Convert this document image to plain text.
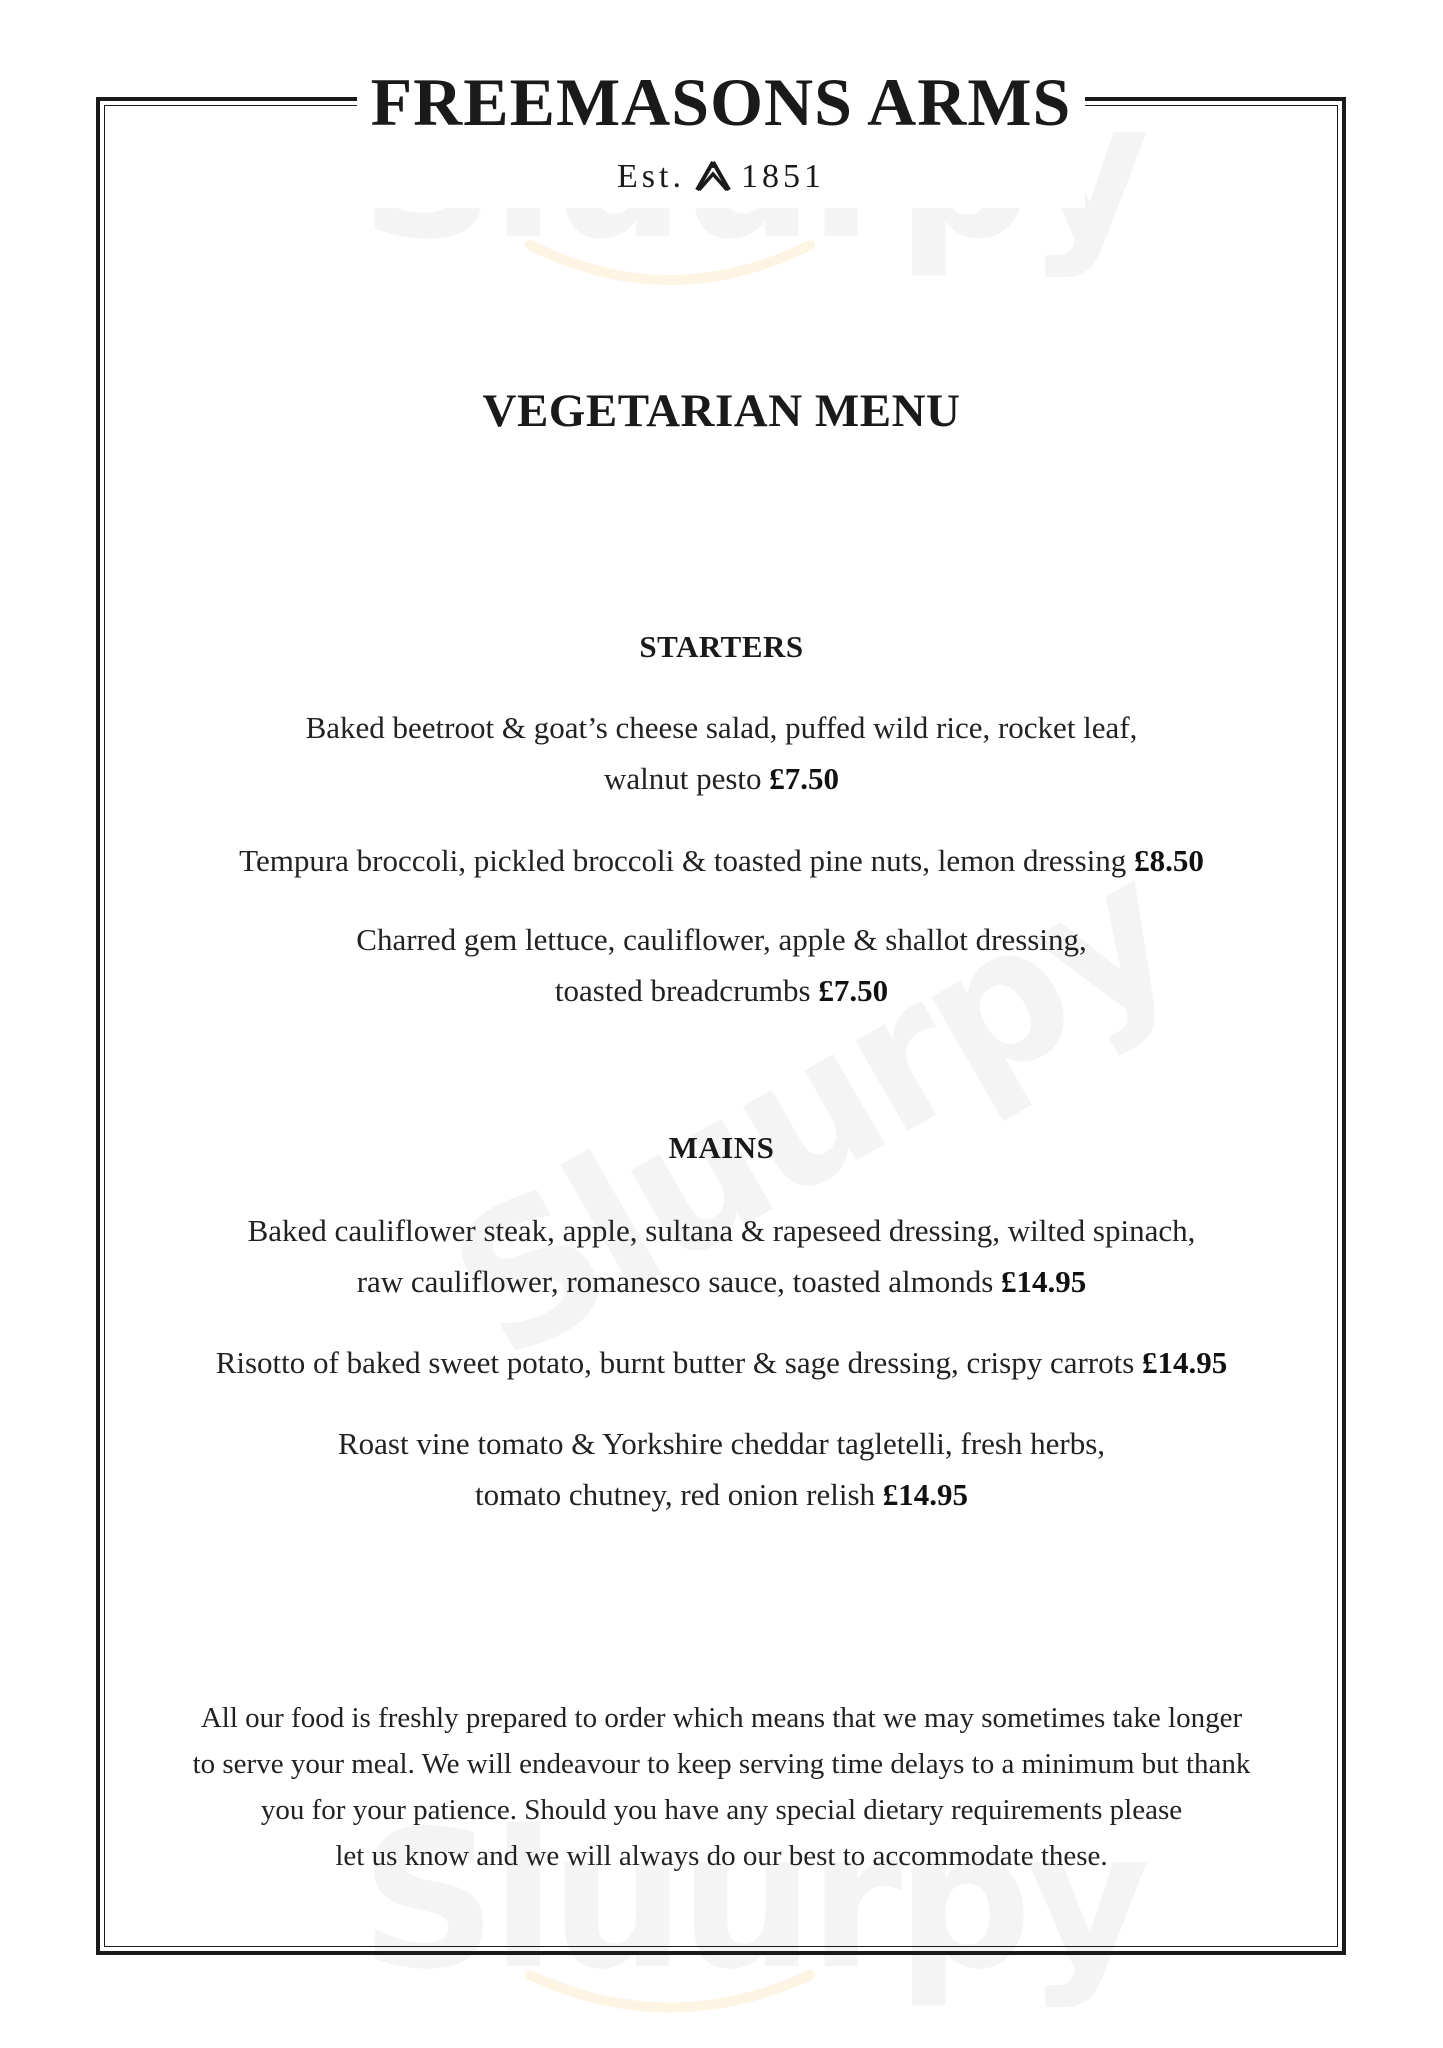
FREEMASONS ARMS
Est. 1851
VEGETARIAN MENU
STARTERS
Baked beetroot & goat’s cheese salad, puffed wild rice, rocket leaf,
walnut pesto £7.50
Tempura broccoli, pickled broccoli & toasted pine nuts, lemon dressing £8.50
Charred gem lettuce, cauliflower, apple & shallot dressing,
toasted breadcrumbs £7.50
MAINS
Baked cauliflower steak, apple, sultana & rapeseed dressing, wilted spinach,
raw cauliflower, romanesco sauce, toasted almonds £14.95
Risotto of baked sweet potato, burnt butter & sage dressing, crispy carrots £14.95
Roast vine tomato & Yorkshire cheddar tagletelli, fresh herbs,
tomato chutney, red onion relish £14.95
All our food is freshly prepared to order which means that we may sometimes take longer
to serve your meal. We will endeavour to keep serving time delays to a minimum but thank
you for your patience. Should you have any special dietary requirements please
let us know and we will always do our best to accommodate these.
